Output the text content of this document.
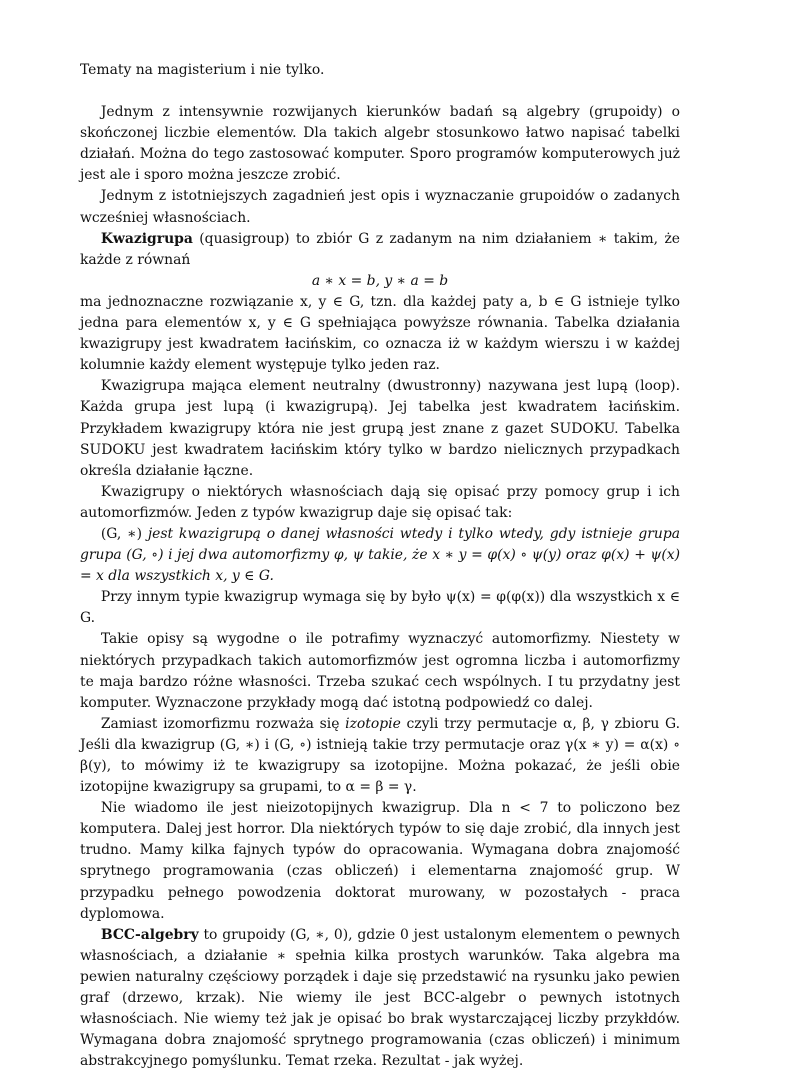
Tematy na magisterium i nie tylko.

Jednym z intensywnie rozwijanych kierunków badań są algebry (grupoidy) o skończonej liczbie elementów. Dla takich algebr stosunkowo łatwo napisać tabelki działań. Można do tego zastosować komputer. Sporo programów komputerowych już jest ale i sporo można jeszcze zrobić.

Jednym z istotniejszych zagadnień jest opis i wyznaczanie grupoidów o zadanych wcześniej własnościach.

Kwazigrupa (quasigroup) to zbiór G z zadanym na nim działaniem ∗ takim, że każde z równań

a ∗ x = b, y ∗ a = b

ma jednoznaczne rozwiązanie x, y ∈ G, tzn. dla każdej paty a, b ∈ G istnieje tylko jedna para elementów x, y ∈ G spełniająca powyższe równania. Tabelka działania kwazigrupy jest kwadratem łacińskim, co oznacza iż w każdym wierszu i w każdej kolumnie każdy element występuje tylko jeden raz.

Kwazigrupa mająca element neutralny (dwustronny) nazywana jest lupą (loop). Każda grupa jest lupą (i kwazigrupą). Jej tabelka jest kwadratem łacińskim. Przykładem kwazigrupy która nie jest grupą jest znane z gazet SUDOKU. Tabelka SUDOKU jest kwadratem łacińskim który tylko w bardzo nielicznych przypadkach określa działanie łączne.

Kwazigrupy o niektórych własnościach dają się opisać przy pomocy grup i ich automorfizmów. Jeden z typów kwazigrup daje się opisać tak:

(G, ∗) jest kwazigrupą o danej własności wtedy i tylko wtedy, gdy istnieje grupa grupa (G, ∘) i jej dwa automorfizmy φ, ψ takie, że x ∗ y = φ(x) ∘ ψ(y) oraz φ(x) + ψ(x) = x dla wszystkich x, y ∈ G.

Przy innym typie kwazigrup wymaga się by było ψ(x) = φ(φ(x)) dla wszystkich x ∈ G.

Takie opisy są wygodne o ile potrafimy wyznaczyć automorfizmy. Niestety w niektórych przypadkach takich automorfizmów jest ogromna liczba i automorfizmy te maja bardzo różne własności. Trzeba szukać cech wspólnych. I tu przydatny jest komputer. Wyznaczone przykłady mogą dać istotną podpowiedź co dalej.

Zamiast izomorfizmu rozważa się izotopie czyli trzy permutacje α, β, γ zbioru G. Jeśli dla kwazigrup (G, ∗) i (G, ∘) istnieją takie trzy permutacje oraz γ(x ∗ y) = α(x) ∘ β(y), to mówimy iż te kwazigrupy sa izotopijne. Można pokazać, że jeśli obie izotopijne kwazigrupy sa grupami, to α = β = γ.

Nie wiadomo ile jest nieizotopijnych kwazigrup. Dla n < 7 to policzono bez komputera. Dalej jest horror. Dla niektórych typów to się daje zrobić, dla innych jest trudno. Mamy kilka fajnych typów do opracowania. Wymagana dobra znajomość sprytnego programowania (czas obliczeń) i elementarna znajomość grup. W przypadku pełnego powodzenia doktorat murowany, w pozostałych - praca dyplomowa.

BCC-algebry to grupoidy (G, ∗, 0), gdzie 0 jest ustalonym elementem o pewnych własnościach, a działanie ∗ spełnia kilka prostych warunków. Taka algebra ma pewien naturalny częściowy porządek i daje się przedstawić na rysunku jako pewien graf (drzewo, krzak). Nie wiemy ile jest BCC-algebr o pewnych istotnych własnościach. Nie wiemy też jak je opisać bo brak wystarczającej liczby przykłdów. Wymagana dobra znajomość sprytnego programowania (czas obliczeń) i minimum abstrakcyjnego pomyślunku. Temat rzeka. Rezultat - jak wyżej.
